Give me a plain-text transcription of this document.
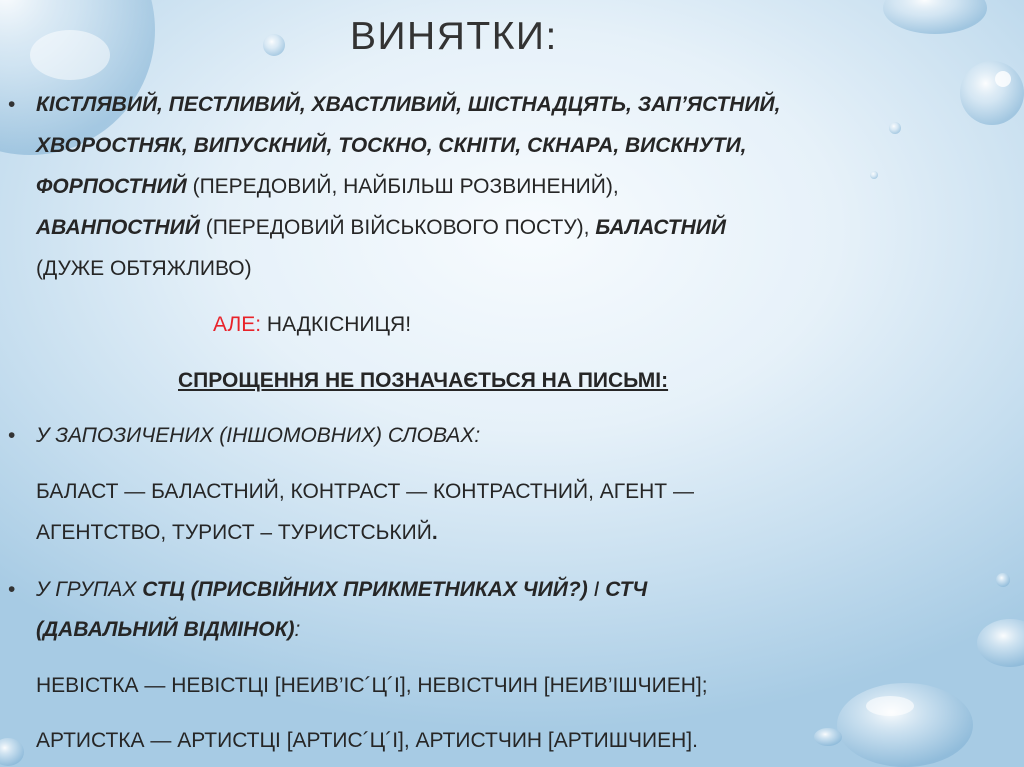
ВИНЯТКИ:
• КІСТЛЯВИЙ, ПЕСТЛИВИЙ, ХВАСТЛИВИЙ, ШІСТНАДЦЯТЬ, ЗАП’ЯСТНИЙ,
ХВОРОСТНЯК, ВИПУСКНИЙ, ТОСКНО, СКНІТИ, СКНАРА, ВИСКНУТИ,
ФОРПОСТНИЙ (ПЕРЕДОВИЙ, НАЙБІЛЬШ РОЗВИНЕНИЙ),
АВАНПОСТНИЙ (ПЕРЕДОВИЙ ВІЙСЬКОВОГО ПОСТУ), БАЛАСТНИЙ
(ДУЖЕ ОБТЯЖЛИВО)
АЛЕ: НАДКІСНИЦЯ!
СПРОЩЕННЯ НЕ ПОЗНАЧАЄТЬСЯ НА ПИСЬМІ:
• У ЗАПОЗИЧЕНИХ (ІНШОМОВНИХ) СЛОВАХ:
БАЛАСТ — БАЛАСТНИЙ, КОНТРАСТ — КОНТРАСТНИЙ, АГЕНТ —
АГЕНТСТВО, ТУРИСТ – ТУРИСТСЬКИЙ.
• У ГРУПАХ СТЦ (ПРИСВІЙНИХ ПРИКМЕТНИКАХ ЧИЙ?) І СТЧ
(ДАВАЛЬНИЙ ВІДМІНОК):
НЕВІСТКА — НЕВІСТЦІ [НЕИВ’ІС´Ц´І], НЕВІСТЧИН [НЕИВ’ІШЧИЕН];
АРТИСТКА — АРТИСТЦІ [АРТИС´Ц´І], АРТИСТЧИН [АРТИШЧИЕН].
